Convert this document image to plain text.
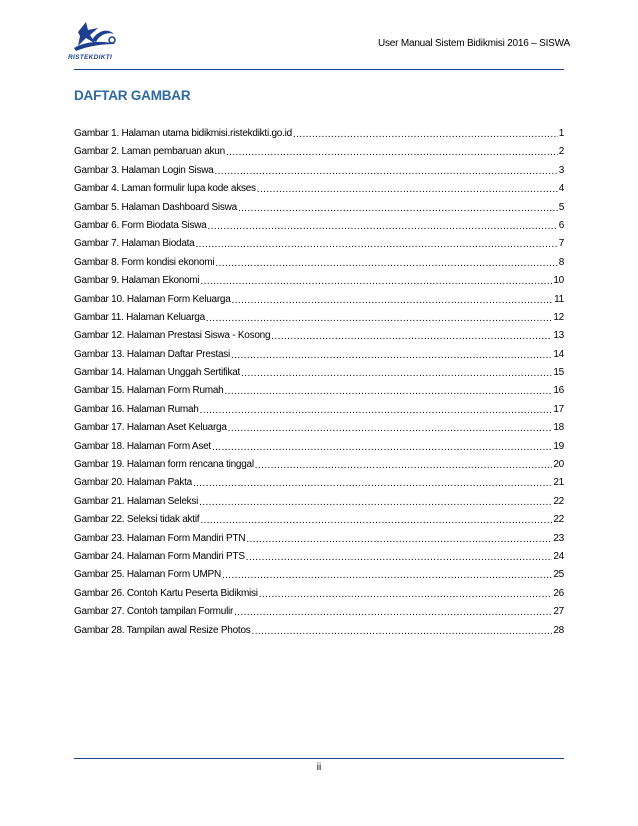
RISTEKDIKTI
User Manual Sistem Bidikmisi 2016 – SISWA
DAFTAR GAMBAR
Gambar 1. Halaman utama bidikmisi.ristekdikti.go.id .....	1
Gambar 2. Laman pembaruan akun .....	2
Gambar 3. Halaman Login Siswa .....	3
Gambar 4. Laman formulir lupa kode akses .....	4
Gambar 5. Halaman Dashboard Siswa .....	5
Gambar 6. Form Biodata Siswa .....	6
Gambar 7. Halaman Biodata .....	7
Gambar 8. Form kondisi ekonomi .....	8
Gambar 9. Halaman Ekonomi .....	10
Gambar 10. Halaman Form Keluarga .....	11
Gambar 11. Halaman Keluarga .....	12
Gambar 12. Halaman Prestasi Siswa - Kosong .....	13
Gambar 13. Halaman Daftar Prestasi .....	14
Gambar 14. Halaman Unggah Sertifikat .....	15
Gambar 15. Halaman Form Rumah .....	16
Gambar 16. Halaman Rumah .....	17
Gambar 17. Halaman Aset Keluarga .....	18
Gambar 18. Halaman Form Aset .....	19
Gambar 19. Halaman form rencana tinggal .....	20
Gambar 20. Halaman Pakta .....	21
Gambar 21. Halaman Seleksi .....	22
Gambar 22. Seleksi tidak aktif .....	22
Gambar 23. Halaman Form Mandiri PTN .....	23
Gambar 24. Halaman Form Mandiri PTS .....	24
Gambar 25. Halaman Form UMPN .....	25
Gambar 26. Contoh Kartu Peserta Bidikmisi .....	26
Gambar 27. Contoh tampilan Formulir .....	27
Gambar 28. Tampilan awal Resize Photos .....	28
ii
